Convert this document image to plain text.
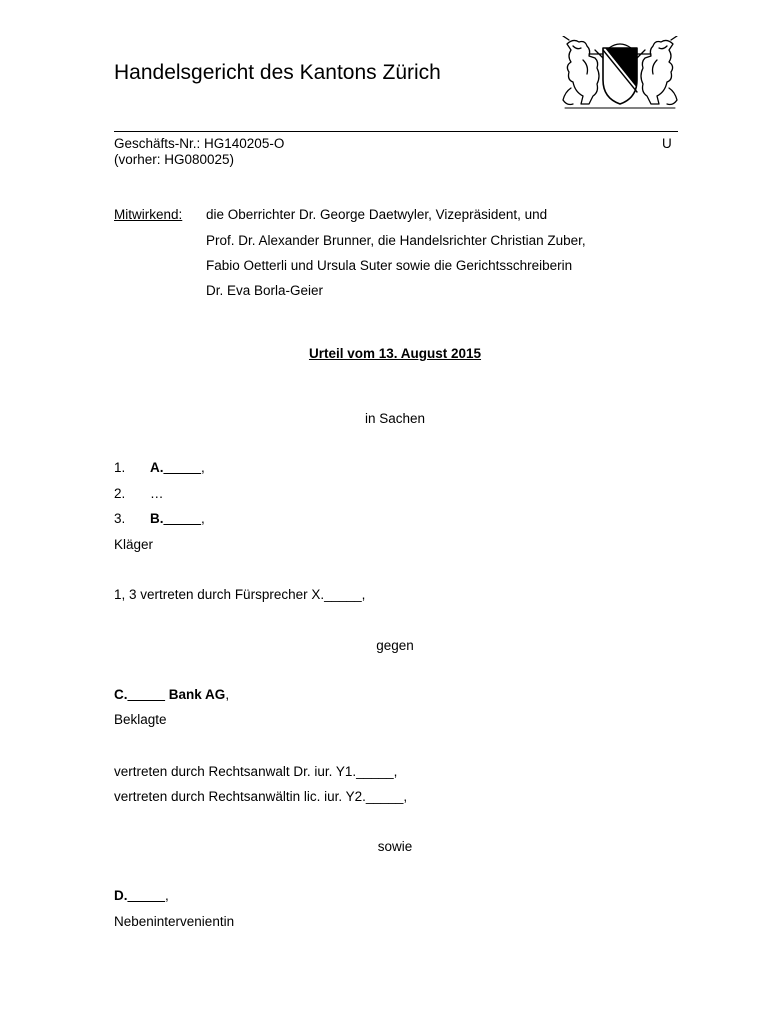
Handelsgericht des Kantons Zürich
Geschäfts-Nr.: HG140205-O
(vorher: HG080025)
U
Mitwirkend: die Oberrichter Dr. George Daetwyler, Vizepräsident, und
Prof. Dr. Alexander Brunner, die Handelsrichter Christian Zuber,
Fabio Oetterli und Ursula Suter sowie die Gerichtsschreiberin
Dr. Eva Borla-Geier
Urteil vom 13. August 2015
in Sachen
1. A._____,
2. …
3. B._____,
Kläger
1, 3 vertreten durch Fürsprecher X._____,
gegen
C._____ Bank AG,
Beklagte
vertreten durch Rechtsanwalt Dr. iur. Y1._____,
vertreten durch Rechtsanwältin lic. iur. Y2._____,
sowie
D._____,
Nebenintervenientin
